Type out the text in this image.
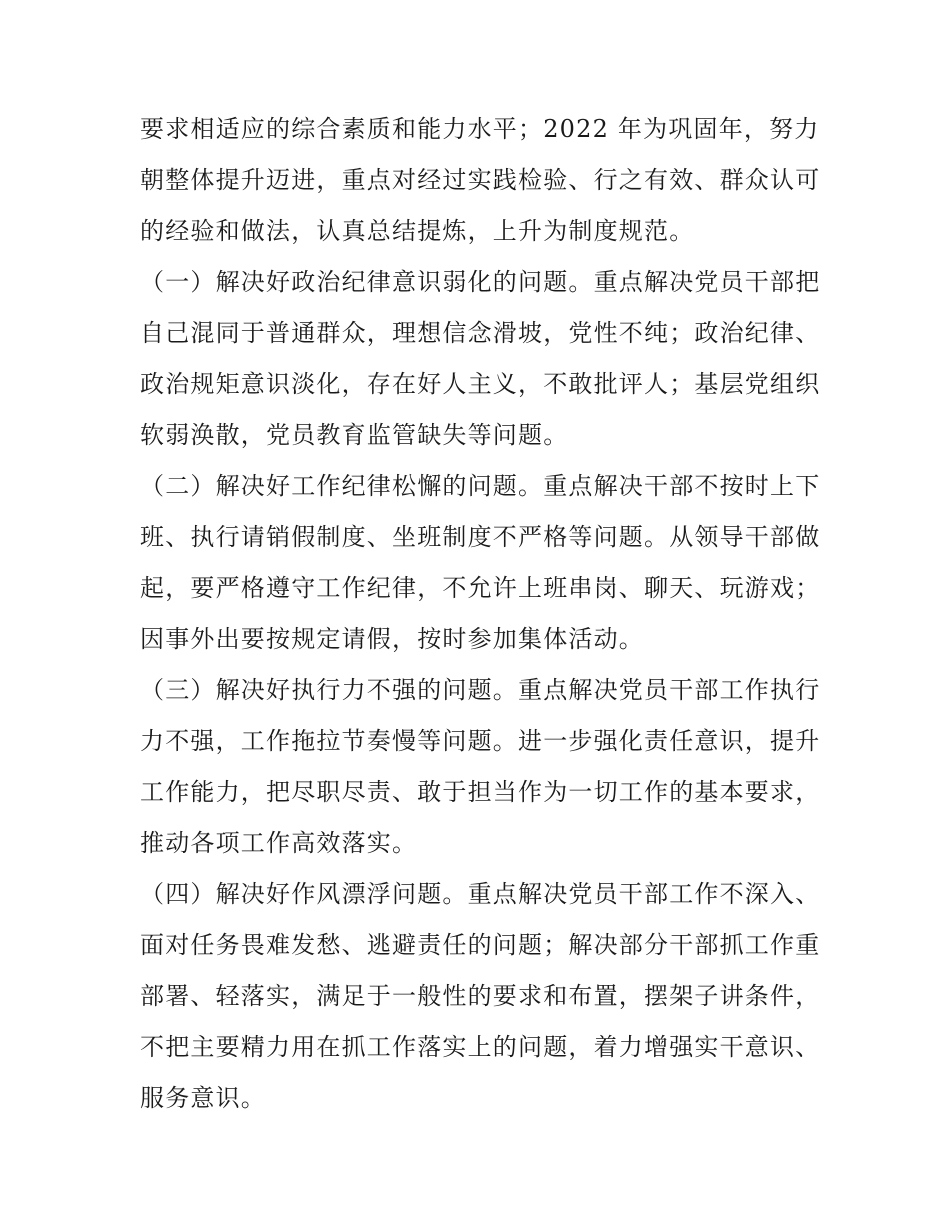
要求相适应的综合素质和能力水平；2022 年为巩固年，努力
朝整体提升迈进，重点对经过实践检验、行之有效、群众认可
的经验和做法，认真总结提炼，上升为制度规范。
（一）解决好政治纪律意识弱化的问题。重点解决党员干部把
自己混同于普通群众，理想信念滑坡，党性不纯；政治纪律、
政治规矩意识淡化，存在好人主义，不敢批评人；基层党组织
软弱涣散，党员教育监管缺失等问题。
（二）解决好工作纪律松懈的问题。重点解决干部不按时上下
班、执行请销假制度、坐班制度不严格等问题。从领导干部做
起，要严格遵守工作纪律，不允许上班串岗、聊天、玩游戏；
因事外出要按规定请假，按时参加集体活动。
（三）解决好执行力不强的问题。重点解决党员干部工作执行
力不强，工作拖拉节奏慢等问题。进一步强化责任意识，提升
工作能力，把尽职尽责、敢于担当作为一切工作的基本要求，
推动各项工作高效落实。
（四）解决好作风漂浮问题。重点解决党员干部工作不深入、
面对任务畏难发愁、逃避责任的问题；解决部分干部抓工作重
部署、轻落实，满足于一般性的要求和布置，摆架子讲条件，
不把主要精力用在抓工作落实上的问题，着力增强实干意识、
服务意识。
